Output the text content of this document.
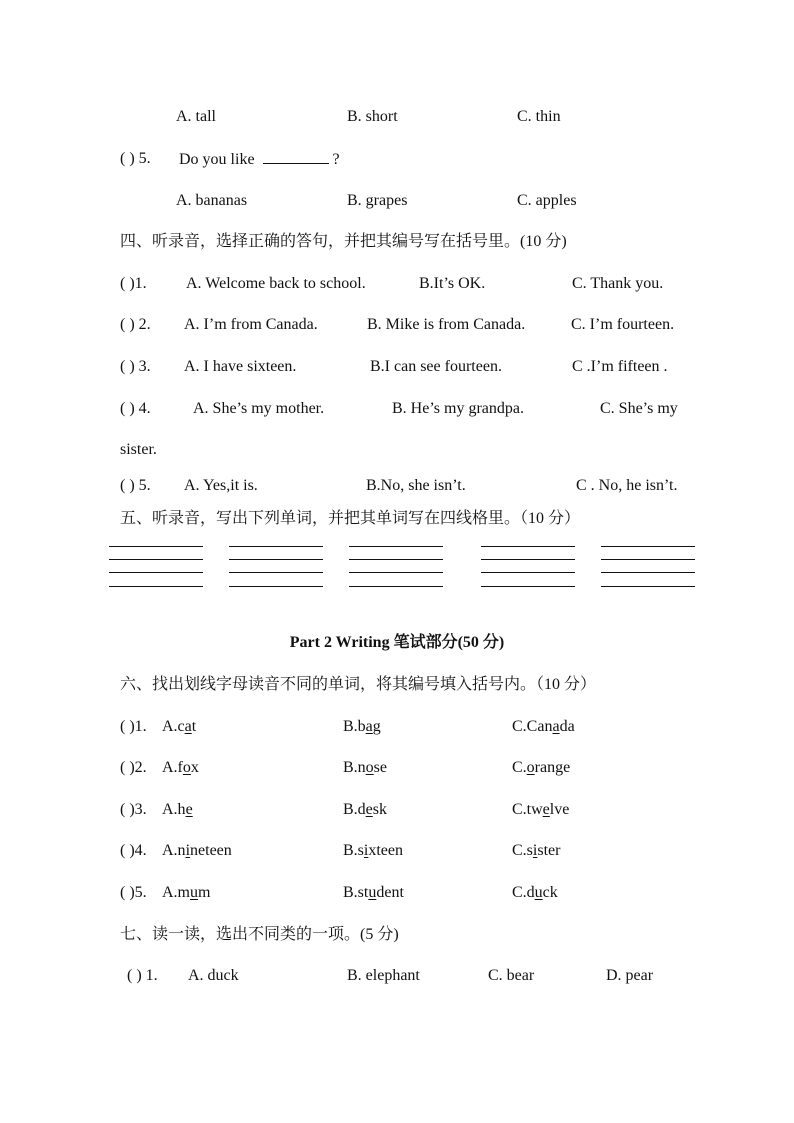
A. tall	B. short	C. thin
( ) 5. Do you like	?
A. bananas	B. grapes	C. apples
四、听录音，选择正确的答句，并把其编号写在括号里。(10 分)
( )1. A. Welcome back to school.	B.It’s OK.	C. Thank you.
( ) 2. A. I’m from Canada.	B. Mike is from Canada.	C. I’m fourteen.
( ) 3. A. I have sixteen.	B.I can see fourteen.	C .I’m fifteen .
( ) 4.	A. She’s my mother.	B. He’s my grandpa.	C. She’s my
sister.
( ) 5. A. Yes,it is.	B.No, she isn’t.	C . No, he isn’t.
五、听录音，写出下列单词，并把其单词写在四线格里。（10 分）
Part 2 Writing 笔试部分(50 分)
六、找出划线字母读音不同的单词，将其编号填入括号内。（10 分）
( )1. A.cat	B.bag	C.Canada
( )2. A.fox	B.nose	C.orange
( )3. A.he	B.desk	C.twelve
( )4. A.nineteen	B.sixteen	C.sister
( )5. A.mum	B.student	C.duck
七、读一读，选出不同类的一项。(5 分)
( ) 1. A. duck	B. elephant	C. bear	D. pear
